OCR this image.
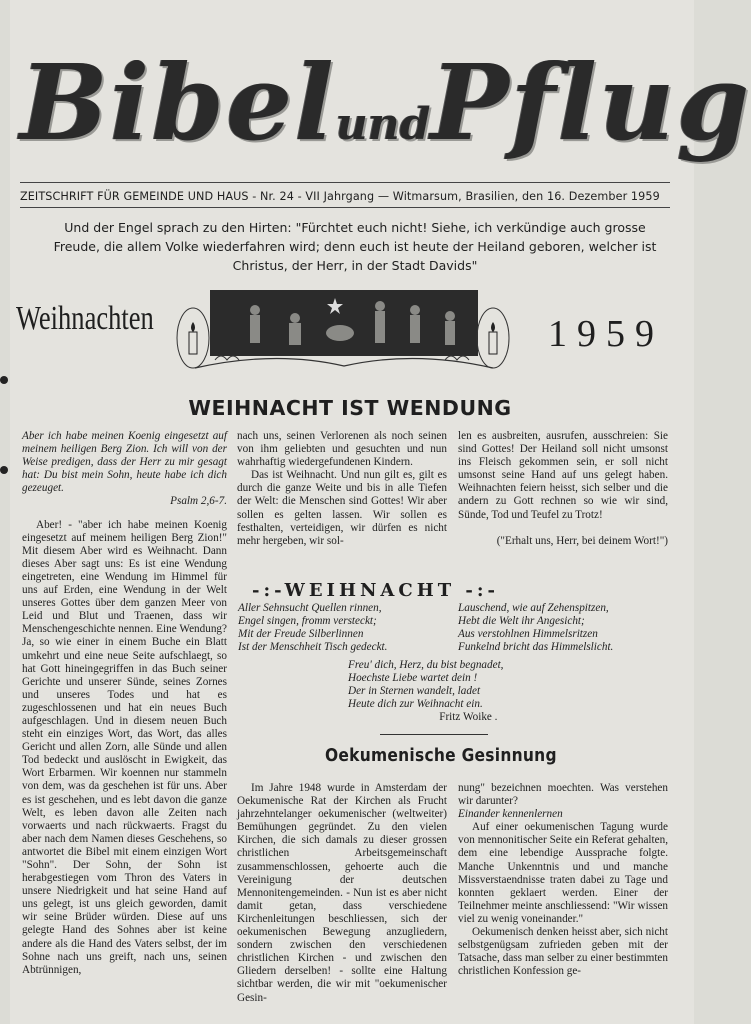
BibelundPflug
ZEITSCHRIFT FÜR GEMEINDE UND HAUS - Nr. 24 - VII Jahrgang — Witmarsum, Brasilien, den 16. Dezember 1959
Und der Engel sprach zu den Hirten: "Fürchtet euch nicht! Siehe, ich verkündige auch grosse Freude, die allem Volke wiederfahren wird; denn euch ist heute der Heiland geboren, welcher ist Christus, der Herr, in der Stadt Davids"
Weihnachten	1959
WEIHNACHT IST WENDUNG

Aber ich habe meinen Koenig eingesetzt auf meinem heiligen Berg Zion. Ich will von der Weise predigen, dass der Herr zu mir gesagt hat: Du bist mein Sohn, heute habe ich dich gezeuget.

Psalm 2,6-7.

Aber! - "aber ich habe meinen Koenig eingesetzt auf meinem heiligen Berg Zion!" Mit diesem Aber wird es Weihnacht. Dann dieses Aber sagt uns: Es ist eine Wendung eingetreten, eine Wendung im Himmel für uns auf Erden, eine Wendung in der Welt unseres Gottes über dem ganzen Meer von Leid und Blut und Traenen, dass wir Menschengeschichte nennen. Eine Wendung? Ja, so wie einer in einem Buche ein Blatt umkehrt und eine neue Seite aufschlaegt, so hat Gott hineingegriffen in das Buch seiner Gerichte und unserer Sünde, seines Zornes und unseres Todes und hat es zugeschlossenen und hat ein neues Buch aufgeschlagen. Und in diesem neuen Buch steht ein einziges Wort, das Wort, das alles Gericht und allen Zorn, alle Sünde und allen Tod bedeckt und auslöscht in Ewigkeit, das Wort Erbarmen. Wir koennen nur stammeln von dem, was da geschehen ist für uns. Aber es ist geschehen, und es lebt davon die ganze Welt, es leben davon alle Zeiten nach vorwaerts und nach rückwaerts. Fragst du aber nach dem Namen dieses Geschehens, so antwortet die Bibel mit einem einzigen Wort "Sohn". Der Sohn, der Sohn ist herabgestiegen vom Thron des Vaters in unsere Niedrigkeit und hat seine Hand auf uns gelegt, ist uns gleich geworden, damit wir seine Brüder würden. Diese auf uns gelegte Hand des Sohnes aber ist keine andere als die Hand des Vaters selbst, der im Sohne nach uns greift, nach uns, seinen Abtrünnigen,

nach uns, seinen Verlorenen als noch seinen von ihm geliebten und gesuchten und nun wahrhaftig wiedergefundenen Kindern.

Das ist Weihnacht. Und nun gilt es, gilt es durch die ganze Weite und bis in alle Tiefen der Welt: die Menschen sind Gottes! Wir aber sollen es gelten lassen. Wir sollen es festhalten, verteidigen, wir dürfen es nicht mehr hergeben, wir sol-

len es ausbreiten, ausrufen, ausschreien: Sie sind Gottes! Der Heiland soll nicht umsonst ins Fleisch gekommen sein, er soll nicht umsonst seine Hand auf uns gelegt haben. Weihnachten feiern heisst, sich selber und die andern zu Gott rechnen so wie wir sind, Sünde, Tod und Teufel zu Trotz!

("Erhalt uns, Herr, bei deinem Wort!")

-:-WEIHNACHT -:-
Aller Sehnsucht Quellen rinnen,
Engel singen, fromm versteckt;
Mit der Freude Silberlinnen
Ist der Menschheit Tisch gedeckt.
Lauschend, wie auf Zehenspitzen,
Hebt die Welt ihr Angesicht;
Aus verstohlnen Himmelsritzen
Funkelnd bricht das Himmelslicht.
Freu' dich, Herz, du bist begnadet,
Hoechste Liebe wartet dein !
Der in Sternen wandelt, ladet
Heute dich zur Weihnacht ein.
Fritz Woike .
Oekumenische Gesinnung

Im Jahre 1948 wurde in Amsterdam der Oekumenische Rat der Kirchen als Frucht jahrzehntelanger oekumenischer (weltweiter) Bemühungen gegründet. Zu den vielen Kirchen, die sich damals zu dieser grossen christlichen Arbeitsgemeinschaft zusammenschlossen, gehoerte auch die Vereinigung der deutschen Mennonitengemeinden. - Nun ist es aber nicht damit getan, dass verschiedene Kirchenleitungen beschliessen, sich der oekumenischen Bewegung anzugliedern, sondern zwischen den verschiedenen christlichen Kirchen - und zwischen den Gliedern derselben! - sollte eine Haltung sichtbar werden, die wir mit "oekumenischer Gesin-

nung" bezeichnen moechten. Was verstehen wir darunter?

Einander kennenlernen

Auf einer oekumenischen Tagung wurde von mennonitischer Seite ein Referat gehalten, dem eine lebendige Aussprache folgte. Manche Unkenntnis und und manche Missverstaendnisse traten dabei zu Tage und konnten geklaert werden. Einer der Teilnehmer meinte anschliessend: "Wir wissen viel zu wenig voneinander."

Oekumenisch denken heisst aber, sich nicht selbstgenügsam zufrieden geben mit der Tatsache, dass man selber zu einer bestimmten christlichen Konfession ge-
